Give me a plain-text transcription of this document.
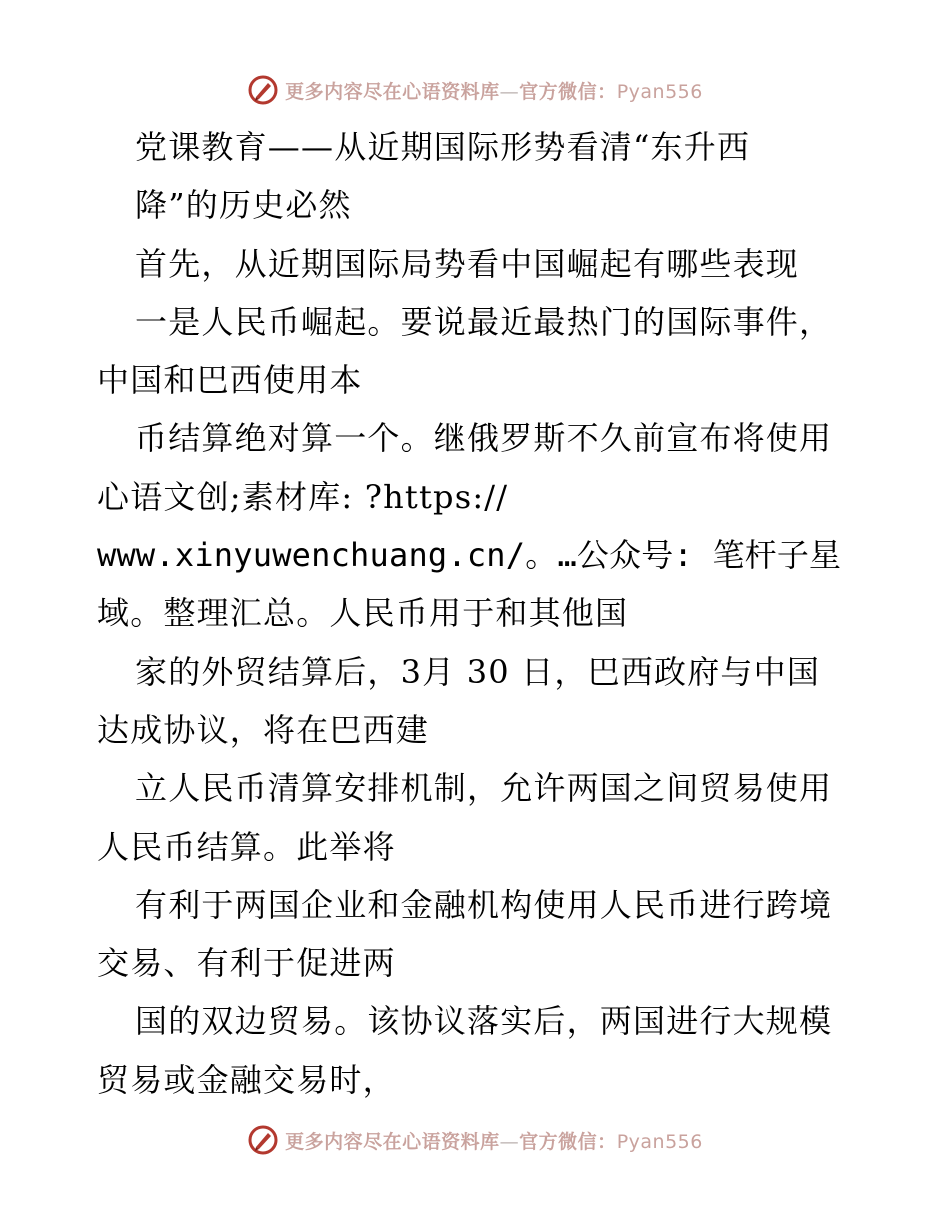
更多内容尽在心语资料库—官方微信：Pyan556
党课教育——从近期国际形势看清“东升西
降”的历史必然
首先，从近期国际局势看中国崛起有哪些表现
一是人民币崛起。要说最近最热门的国际事件，
中国和巴西使用本
币结算绝对算一个。继俄罗斯不久前宣布将使用
心语文创;素材库: ?https://
www.xinyuwenchuang.cn/。…公众号: 笔杆子星
域。整理汇总。人民币用于和其他国
家的外贸结算后，3月 30 日，巴西政府与中国
达成协议，将在巴西建
立人民币清算安排机制，允许两国之间贸易使用
人民币结算。此举将
有利于两国企业和金融机构使用人民币进行跨境
交易、有利于促进两
国的双边贸易。该协议落实后，两国进行大规模
贸易或金融交易时，
更多内容尽在心语资料库—官方微信：Pyan556
